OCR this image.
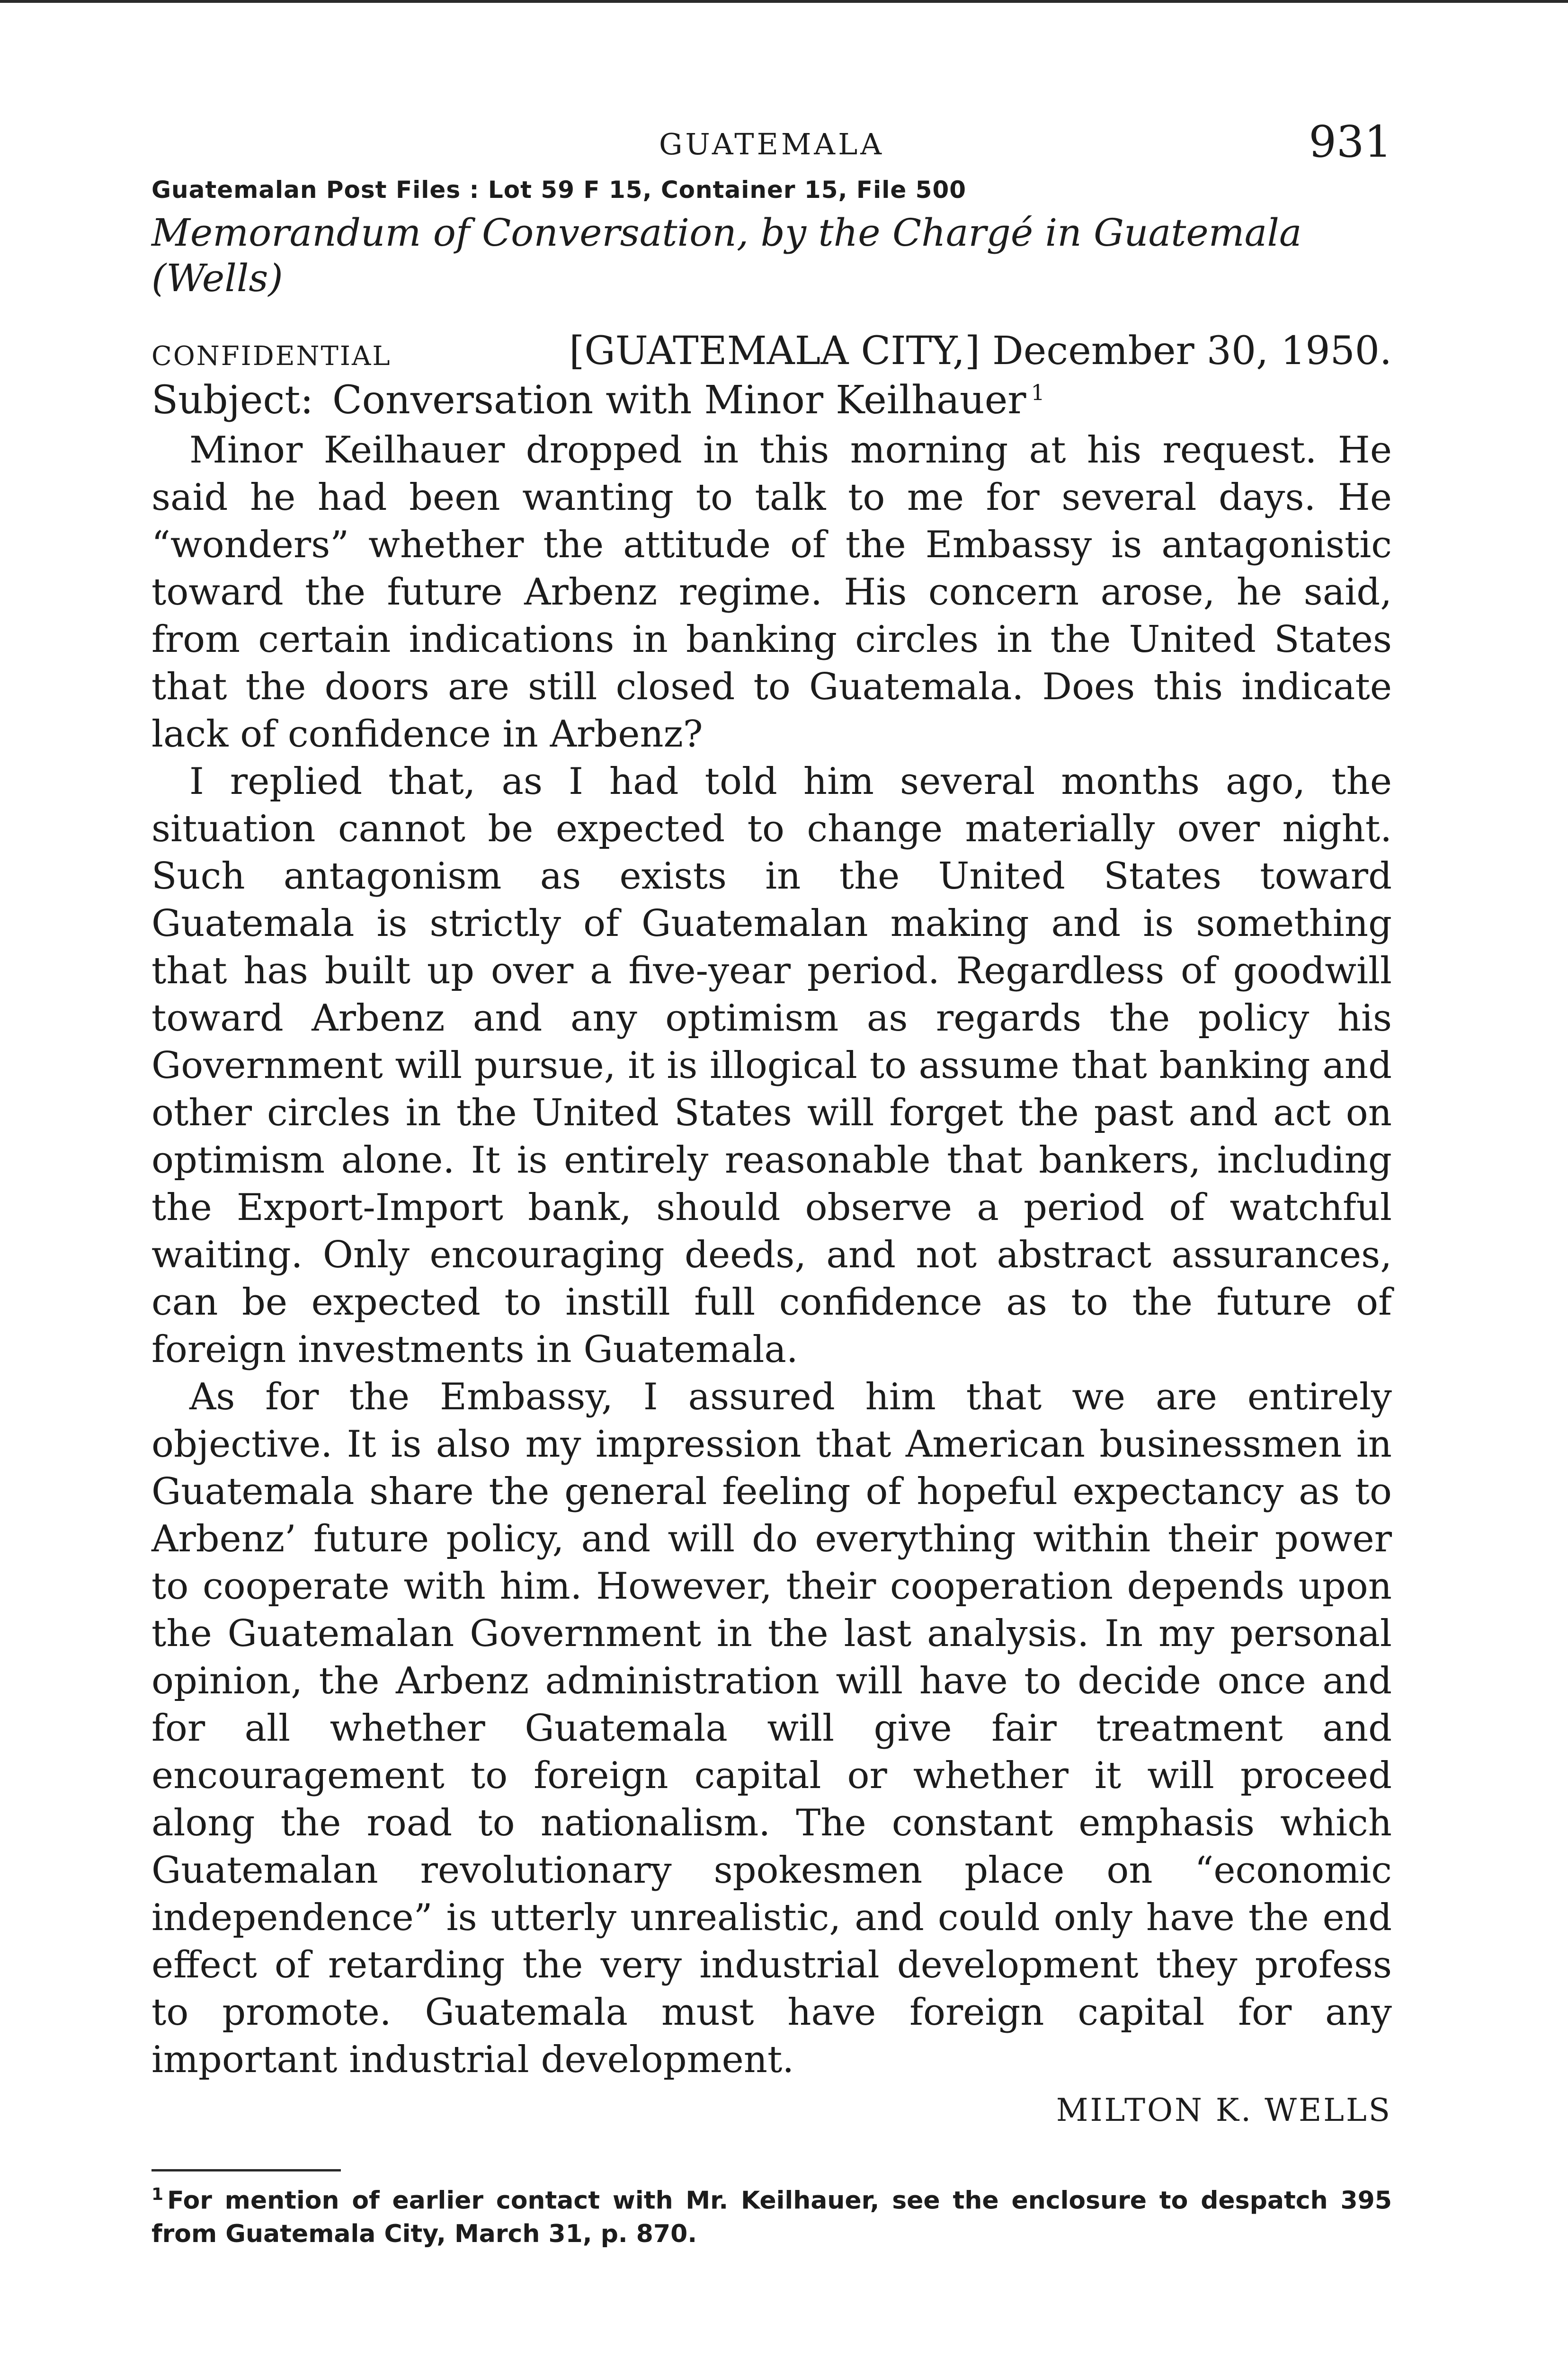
GUATEMALA	931
Guatemalan Post Files : Lot 59 F 15, Container 15, File 500
Memorandum of Conversation, by the Chargé in Guatemala (Wells)
CONFIDENTIAL	[GUATEMALA CITY,] December 30, 1950.
Subject: Conversation with Minor Keilhauer $^1$

Minor Keilhauer dropped in this morning at his request. He said he had been wanting to talk to me for several days. He “wonders” whether the attitude of the Embassy is antagonistic toward the future Arbenz regime. His concern arose, he said, from certain indications in banking circles in the United States that the doors are still closed to Guatemala. Does this indicate lack of confidence in Arbenz?

I replied that, as I had told him several months ago, the situation cannot be expected to change materially over night. Such antagonism as exists in the United States toward Guatemala is strictly of Guatemalan making and is something that has built up over a five-year period. Regardless of goodwill toward Arbenz and any optimism as regards the policy his Government will pursue, it is illogical to assume that banking and other circles in the United States will forget the past and act on optimism alone. It is entirely reasonable that bankers, including the Export-Import bank, should observe a period of watchful waiting. Only encouraging deeds, and not abstract assurances, can be expected to instill full confidence as to the future of foreign investments in Guatemala.

As for the Embassy, I assured him that we are entirely objective. It is also my impression that American businessmen in Guatemala share the general feeling of hopeful expectancy as to Arbenz’ future policy, and will do everything within their power to cooperate with him. However, their cooperation depends upon the Guatemalan Government in the last analysis. In my personal opinion, the Arbenz administration will have to decide once and for all whether Guatemala will give fair treatment and encouragement to foreign capital or whether it will proceed along the road to nationalism. The constant emphasis which Guatemalan revolutionary spokesmen place on “economic independence” is utterly unrealistic, and could only have the end effect of retarding the very industrial development they profess to promote. Guatemala must have foreign capital for any important industrial development.

MILTON K. WELLS
$^1$ For mention of earlier contact with Mr. Keilhauer, see the enclosure to despatch 395 from Guatemala City, March 31, p. 870.
